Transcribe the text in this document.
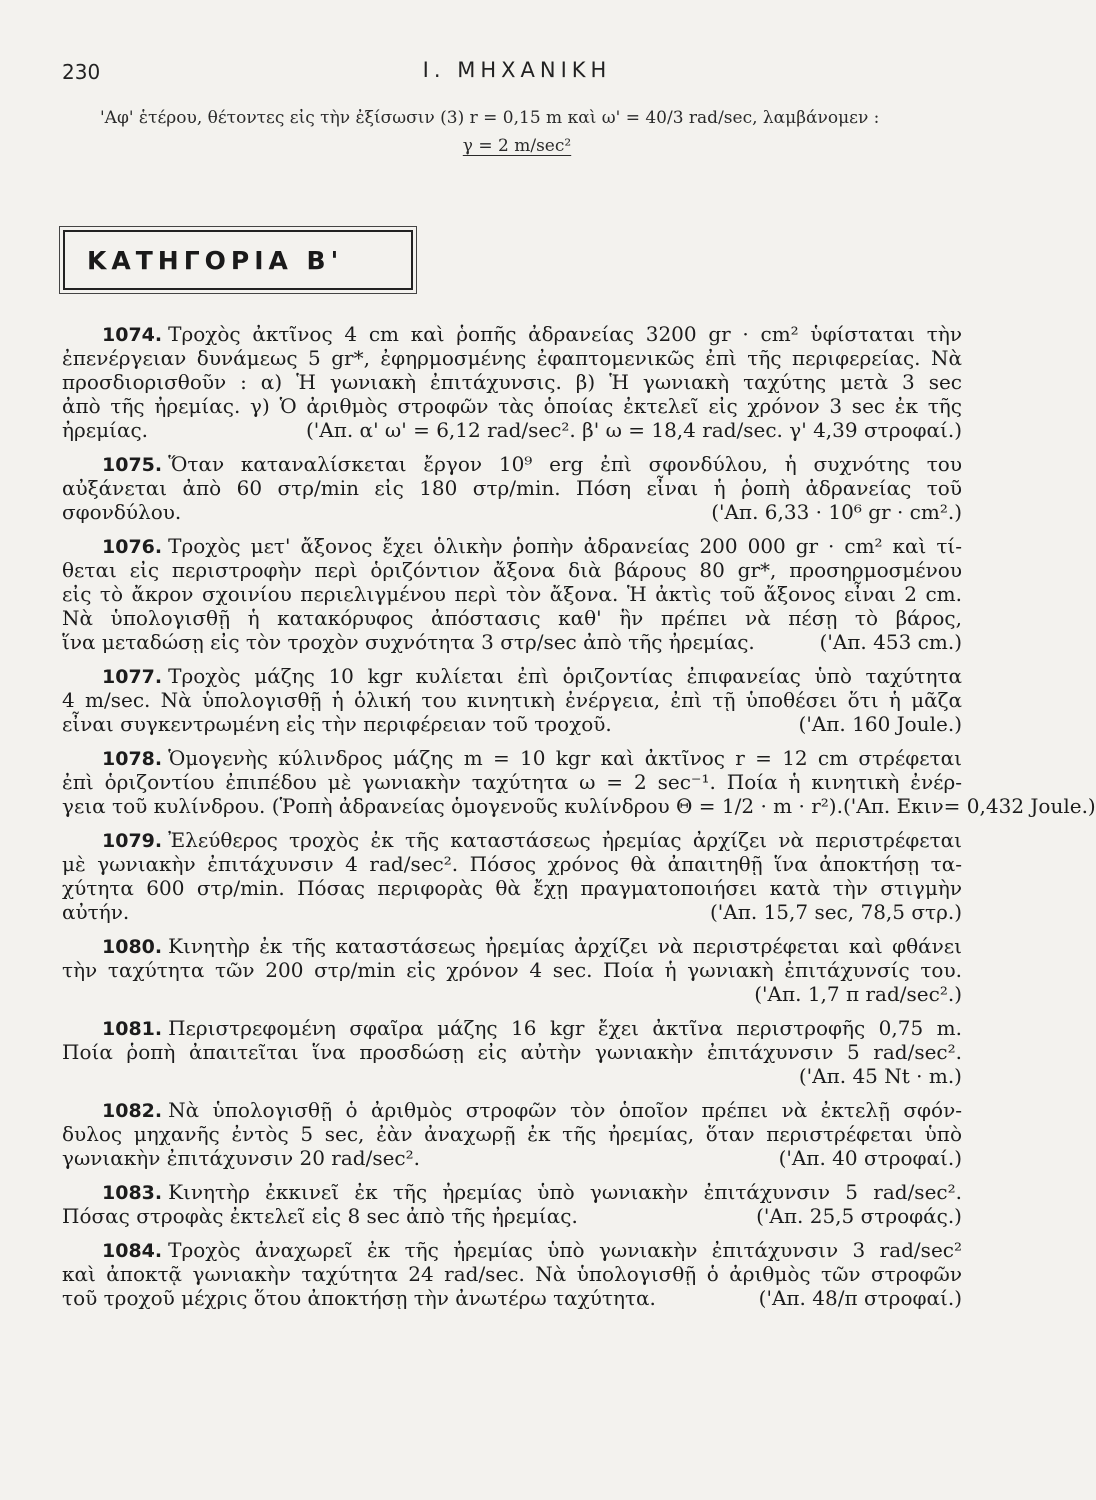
230	I. ΜΗΧΑΝΙΚΗ
'Αφ' ἑτέρου, θέτοντες εἰς τὴν ἐξίσωσιν (3) r = 0,15 m καὶ ω' = 40/3 rad/sec, λαμβάνομεν :
γ = 2 m/sec²
ΚΑΤΗΓΟΡΙΑ Β'
1074. Τροχὸς ἀκτῖνος 4 cm καὶ ῥοπῆς ἀδρανείας 3200 gr · cm² ὑφίσταται τὴν
ἐπενέργειαν δυνάμεως 5 gr*, ἐφηρμοσμένης ἐφαπτομενικῶς ἐπὶ τῆς περιφερείας. Νὰ
προσδιορισθοῦν : α) Ἡ γωνιακὴ ἐπιτάχυνσις. β) Ἡ γωνιακὴ ταχύτης μετὰ 3 sec
ἀπὸ τῆς ἠρεμίας. γ) Ὁ ἀριθμὸς στροφῶν τὰς ὁποίας ἐκτελεῖ εἰς χρόνον 3 sec ἐκ τῆς
ἠρεμίας.	('Απ. α' ω' = 6,12 rad/sec². β' ω = 18,4 rad/sec. γ' 4,39 στροφαί.)
1075. Ὅταν καταναλίσκεται ἔργον 10⁹ erg ἐπὶ σφονδύλου, ἡ συχνότης του
αὐξάνεται ἀπὸ 60 στρ/min εἰς 180 στρ/min. Πόση εἶναι ἡ ῥοπὴ ἀδρανείας τοῦ
σφονδύλου.	('Απ. 6,33 · 10⁶ gr · cm².)
1076. Τροχὸς μετ' ἄξονος ἔχει ὁλικὴν ῥοπὴν ἀδρανείας 200 000 gr · cm² καὶ τί-
θεται εἰς περιστροφὴν περὶ ὁριζόντιον ἄξονα διὰ βάρους 80 gr*, προσηρμοσμένου
εἰς τὸ ἄκρον σχοινίου περιελιγμένου περὶ τὸν ἄξονα. Ἡ ἀκτὶς τοῦ ἄξονος εἶναι 2 cm.
Νὰ ὑπολογισθῇ ἡ κατακόρυφος ἀπόστασις καθ' ἣν πρέπει νὰ πέσῃ τὸ βάρος,
ἵνα μεταδώσῃ εἰς τὸν τροχὸν συχνότητα 3 στρ/sec ἀπὸ τῆς ἠρεμίας.	('Απ. 453 cm.)
1077. Τροχὸς μάζης 10 kgr κυλίεται ἐπὶ ὁριζοντίας ἐπιφανείας ὑπὸ ταχύτητα
4 m/sec. Νὰ ὑπολογισθῇ ἡ ὁλική του κινητικὴ ἐνέργεια, ἐπὶ τῇ ὑποθέσει ὅτι ἡ μᾶζα
εἶναι συγκεντρωμένη εἰς τὴν περιφέρειαν τοῦ τροχοῦ.	('Απ. 160 Joule.)
1078. Ὁμογενὴς κύλινδρος μάζης m = 10 kgr καὶ ἀκτῖνος r = 12 cm στρέφεται
ἐπὶ ὁριζοντίου ἐπιπέδου μὲ γωνιακὴν ταχύτητα ω = 2 sec⁻¹. Ποία ἡ κινητικὴ ἐνέρ-
γεια τοῦ κυλίνδρου. (Ῥοπὴ ἀδρανείας ὁμογενοῦς κυλίνδρου Θ = 1/2 · m · r²). ('Απ. Eκιν= 0,432 Joule.)
1079. Ἐλεύθερος τροχὸς ἐκ τῆς καταστάσεως ἠρεμίας ἀρχίζει νὰ περιστρέφεται
μὲ γωνιακὴν ἐπιτάχυνσιν 4 rad/sec². Πόσος χρόνος θὰ ἀπαιτηθῇ ἵνα ἀποκτήσῃ τα-
χύτητα 600 στρ/min. Πόσας περιφορὰς θὰ ἔχῃ πραγματοποιήσει κατὰ τὴν στιγμὴν
αὐτήν.	('Απ. 15,7 sec, 78,5 στρ.)
1080. Κινητὴρ ἐκ τῆς καταστάσεως ἠρεμίας ἀρχίζει νὰ περιστρέφεται καὶ φθάνει
τὴν ταχύτητα τῶν 200 στρ/min εἰς χρόνον 4 sec. Ποία ἡ γωνιακὴ ἐπιτάχυνσίς του.
('Απ. 1,7 π rad/sec².)
1081. Περιστρεφομένη σφαῖρα μάζης 16 kgr ἔχει ἀκτῖνα περιστροφῆς 0,75 m.
Ποία ῥοπὴ ἀπαιτεῖται ἵνα προσδώσῃ εἰς αὐτὴν γωνιακὴν ἐπιτάχυνσιν 5 rad/sec².
('Απ. 45 Nt · m.)
1082. Νὰ ὑπολογισθῇ ὁ ἀριθμὸς στροφῶν τὸν ὁποῖον πρέπει νὰ ἐκτελῇ σφόν-
δυλος μηχανῆς ἐντὸς 5 sec, ἐὰν ἀναχωρῇ ἐκ τῆς ἠρεμίας, ὅταν περιστρέφεται ὑπὸ
γωνιακὴν ἐπιτάχυνσιν 20 rad/sec².	('Απ. 40 στροφαί.)
1083. Κινητὴρ ἐκκινεῖ ἐκ τῆς ἠρεμίας ὑπὸ γωνιακὴν ἐπιτάχυνσιν 5 rad/sec².
Πόσας στροφὰς ἐκτελεῖ εἰς 8 sec ἀπὸ τῆς ἠρεμίας.	('Απ. 25,5 στροφάς.)
1084. Τροχὸς ἀναχωρεῖ ἐκ τῆς ἠρεμίας ὑπὸ γωνιακὴν ἐπιτάχυνσιν 3 rad/sec²
καὶ ἀποκτᾷ γωνιακὴν ταχύτητα 24 rad/sec. Νὰ ὑπολογισθῇ ὁ ἀριθμὸς τῶν στροφῶν
τοῦ τροχοῦ μέχρις ὅτου ἀποκτήσῃ τὴν ἀνωτέρω ταχύτητα.	('Απ. 48/π στροφαί.)
